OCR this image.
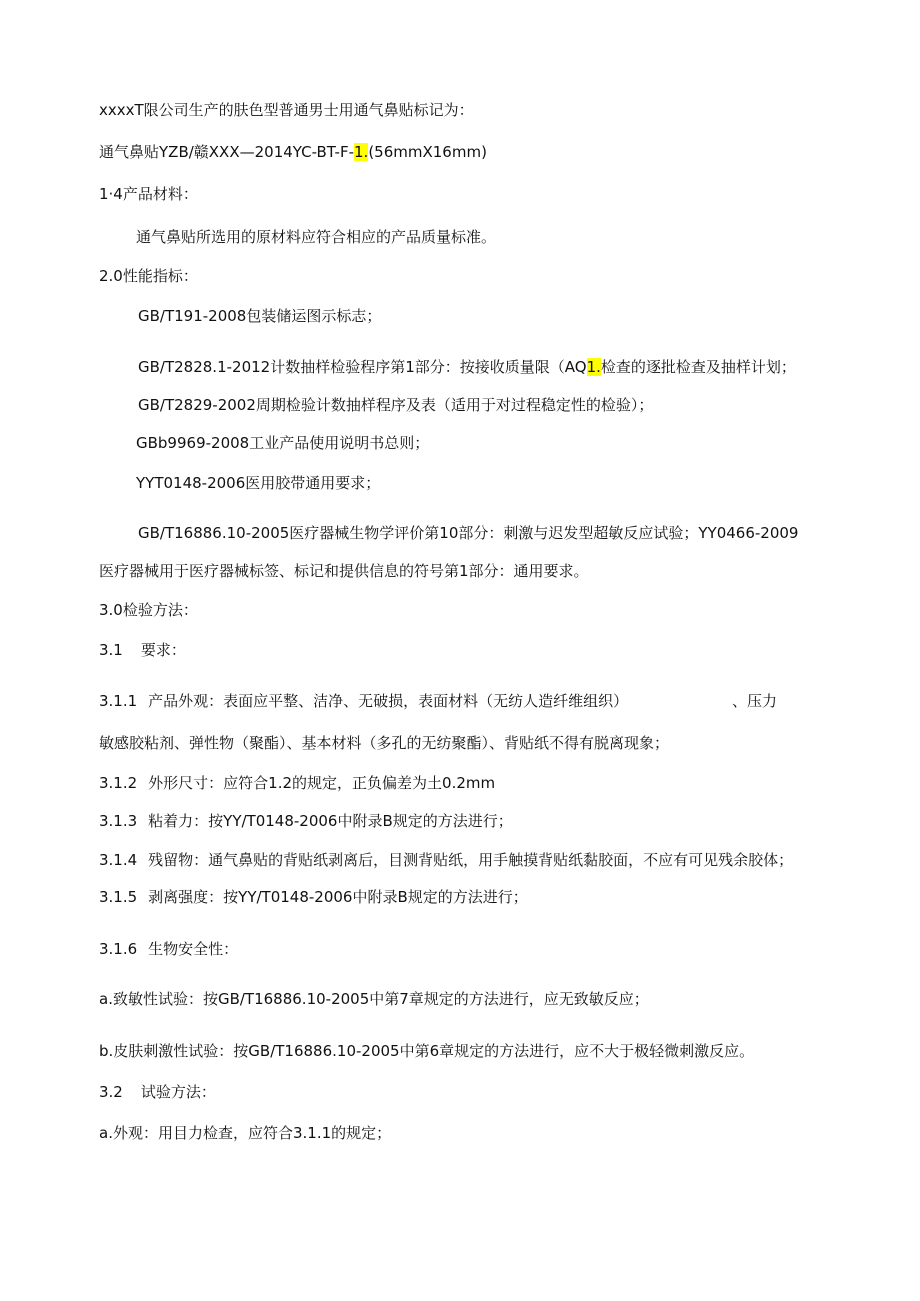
xxxxT限公司生产的肤色型普通男士用通气鼻贴标记为：
通气鼻贴YZB/赣XXX—2014YC-BT-F-1.(56mmX16mm)
1·4产品材料：
通气鼻贴所选用的原材料应符合相应的产品质量标准。
2.0性能指标：
GB/T191-2008包装储运图示标志；
GB/T2828.1-2012计数抽样检验程序第1部分：按接收质量限（AQ1.检查的逐批检查及抽样计划；
GB/T2829-2002周期检验计数抽样程序及表（适用于对过程稳定性的检验）；
GBb9969-2008工业产品使用说明书总则；
YYT0148-2006医用胶带通用要求；
GB/T16886.10-2005医疗器械生物学评价第10部分：刺激与迟发型超敏反应试验；YY0466-2009
医疗器械用于医疗器械标签、标记和提供信息的符号第1部分：通用要求。
3.0检验方法：
3.1 要求：
3.1.1 产品外观：表面应平整、洁净、无破损，表面材料（无纺人造纤维组织）	、压力
敏感胶粘剂、弹性物（聚酯）、基本材料（多孔的无纺聚酯）、背贴纸不得有脱离现象；
3.1.2 外形尺寸：应符合1.2的规定，正负偏差为土0.2mm
3.1.3 粘着力：按YY/T0148-2006中附录B规定的方法进行；
3.1.4 残留物：通气鼻贴的背贴纸剥离后，目测背贴纸，用手触摸背贴纸黏胶面，不应有可见残余胶体；
3.1.5 剥离强度：按YY/T0148-2006中附录B规定的方法进行；
3.1.6 生物安全性：
a.致敏性试验：按GB/T16886.10-2005中第7章规定的方法进行，应无致敏反应；
b.皮肤刺激性试验：按GB/T16886.10-2005中第6章规定的方法进行，应不大于极轻微刺激反应。
3.2 试验方法：
a.外观：用目力检查，应符合3.1.1的规定；
